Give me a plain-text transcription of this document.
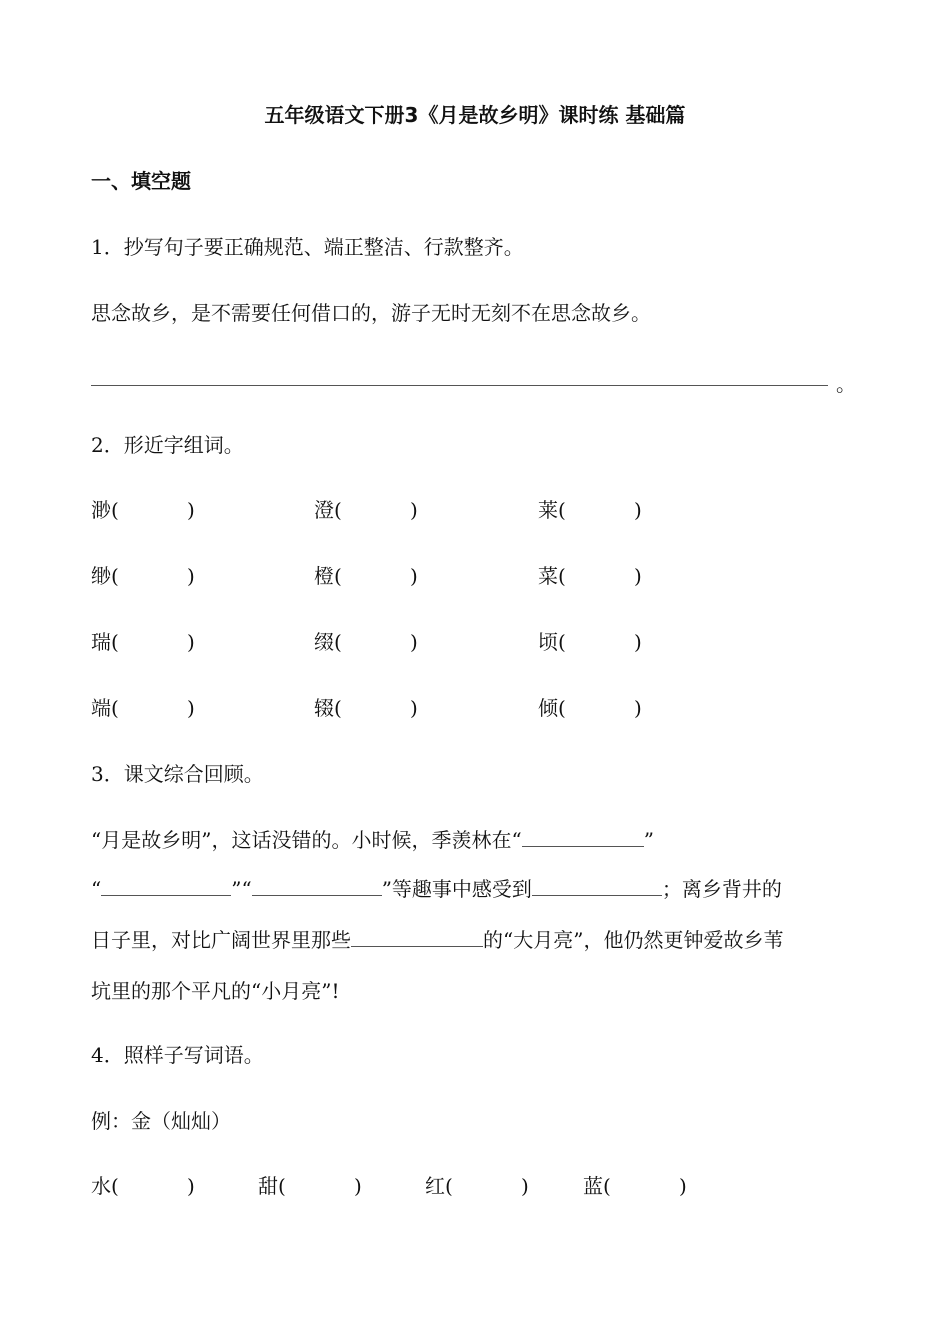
五年级语文下册3《月是故乡明》课时练 基础篇
一、填空题
1．抄写句子要正确规范、端正整洁、行款整齐。
思念故乡，是不需要任何借口的，游子无时无刻不在思念故乡。
。
2．形近字组词。
渺(	)	澄(	)	莱(	)
缈(	)	橙(	)	菜(	)
瑞(	)	缀(	)	顷(	)
端(	)	辍(	)	倾(	)
3．课文综合回顾。
“月是故乡明”，这话没错的。小时候，季羡林在“	”
“	”“	”等趣事中感受到	；离乡背井的
日子里，对比广阔世界里那些	的“大月亮”，他仍然更钟爱故乡苇
坑里的那个平凡的“小月亮”!
4．照样子写词语。
例：金（灿灿）
水(	)	甜(	)	红(	)	蓝(	)
